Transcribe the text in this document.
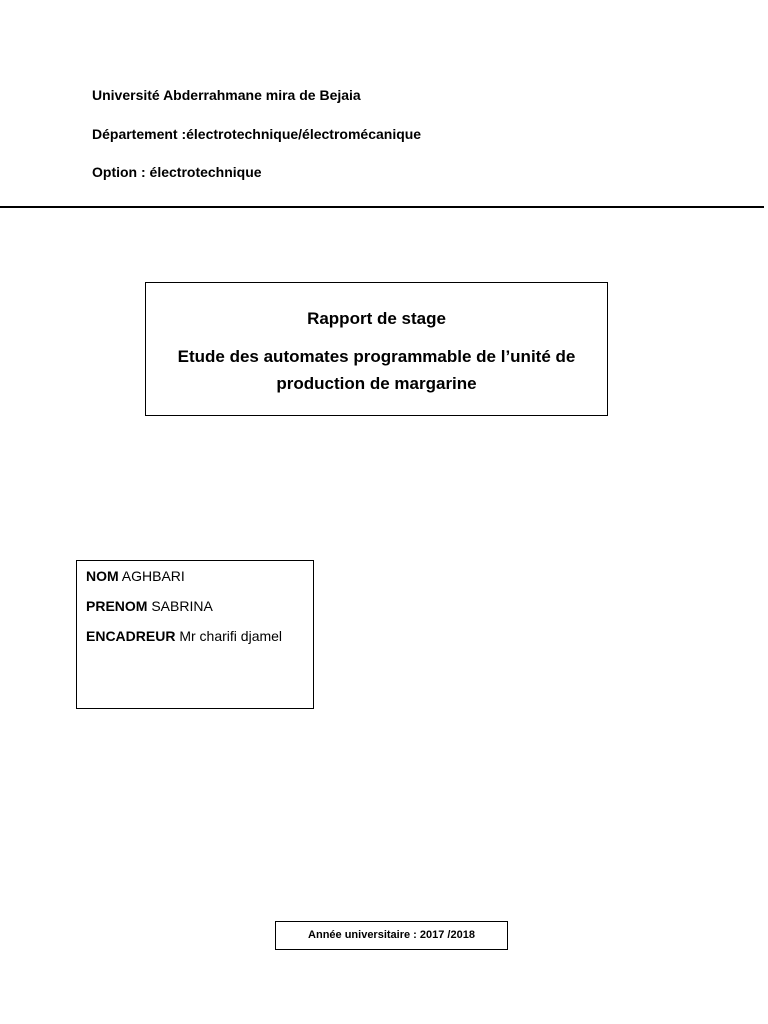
Université Abderrahmane mira de Bejaia
Département :électrotechnique/électromécanique
Option : électrotechnique
Rapport de stage
Etude des automates programmable de l’unité de production de margarine
NOM AGHBARI
PRENOM SABRINA
ENCADREUR Mr charifi djamel
Année universitaire : 2017 /2018
